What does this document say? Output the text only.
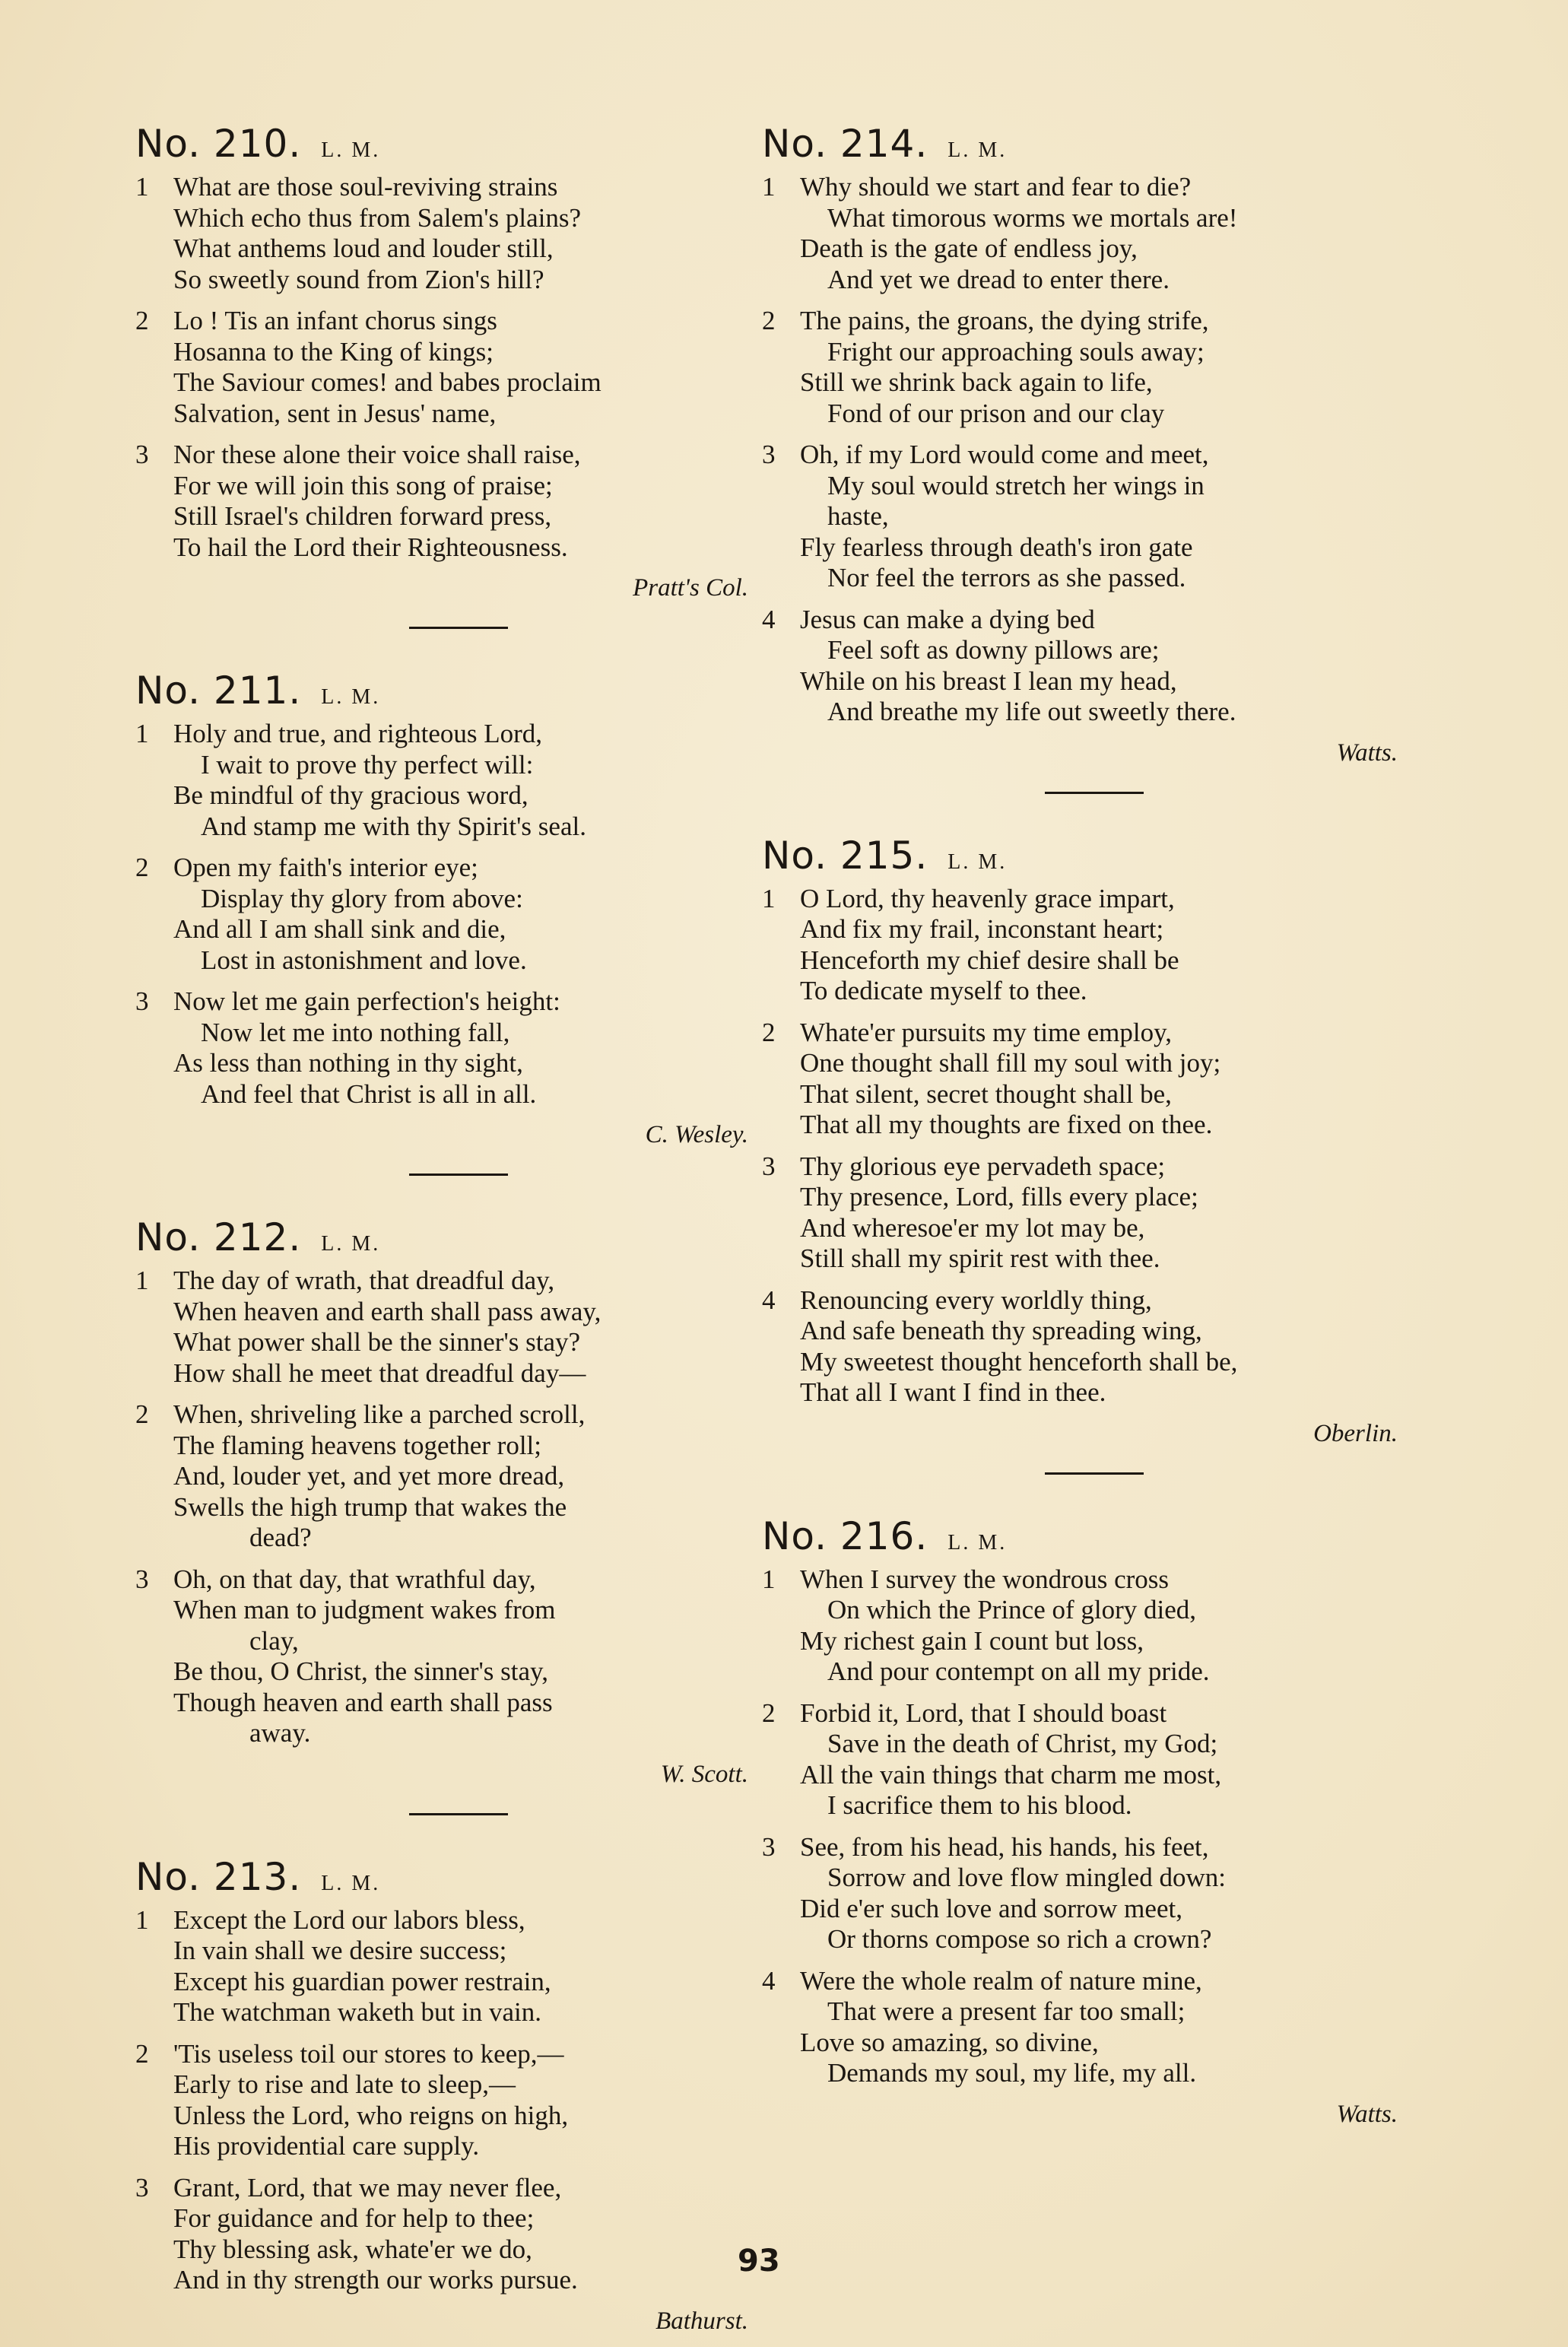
No. 210. L. M.
1 What are those soul-reviving strains
Which echo thus from Salem's plains?
What anthems loud and louder still,
So sweetly sound from Zion's hill?
2 Lo ! Tis an infant chorus sings
Hosanna to the King of kings;
The Saviour comes! and babes proclaim
Salvation, sent in Jesus' name,
3 Nor these alone their voice shall raise,
For we will join this song of praise;
Still Israel's children forward press,
To hail the Lord their Righteousness.
Pratt's Col.
No. 211. L. M.
1 Holy and true, and righteous Lord,
I wait to prove thy perfect will:
Be mindful of thy gracious word,
And stamp me with thy Spirit's seal.
2 Open my faith's interior eye;
Display thy glory from above:
And all I am shall sink and die,
Lost in astonishment and love.
3 Now let me gain perfection's height:
Now let me into nothing fall,
As less than nothing in thy sight,
And feel that Christ is all in all.
C. Wesley.
No. 212. L. M.
1 The day of wrath, that dreadful day,
When heaven and earth shall pass away,
What power shall be the sinner's stay?
How shall he meet that dreadful day—
2 When, shriveling like a parched scroll,
The flaming heavens together roll;
And, louder yet, and yet more dread,
Swells the high trump that wakes the
dead?
3 Oh, on that day, that wrathful day,
When man to judgment wakes from
clay,
Be thou, O Christ, the sinner's stay,
Though heaven and earth shall pass
away.
W. Scott.
No. 213. L. M.
1 Except the Lord our labors bless,
In vain shall we desire success;
Except his guardian power restrain,
The watchman waketh but in vain.
2 'Tis useless toil our stores to keep,—
Early to rise and late to sleep,—
Unless the Lord, who reigns on high,
His providential care supply.
3 Grant, Lord, that we may never flee,
For guidance and for help to thee;
Thy blessing ask, whate'er we do,
And in thy strength our works pursue.
Bathurst.
No. 214. L. M.
1 Why should we start and fear to die?
What timorous worms we mortals are!
Death is the gate of endless joy,
And yet we dread to enter there.
2 The pains, the groans, the dying strife,
Fright our approaching souls away;
Still we shrink back again to life,
Fond of our prison and our clay
3 Oh, if my Lord would come and meet,
My soul would stretch her wings in
haste,
Fly fearless through death's iron gate
Nor feel the terrors as she passed.
4 Jesus can make a dying bed
Feel soft as downy pillows are;
While on his breast I lean my head,
And breathe my life out sweetly there.
Watts.
No. 215. L. M.
1 O Lord, thy heavenly grace impart,
And fix my frail, inconstant heart;
Henceforth my chief desire shall be
To dedicate myself to thee.
2 Whate'er pursuits my time employ,
One thought shall fill my soul with joy;
That silent, secret thought shall be,
That all my thoughts are fixed on thee.
3 Thy glorious eye pervadeth space;
Thy presence, Lord, fills every place;
And wheresoe'er my lot may be,
Still shall my spirit rest with thee.
4 Renouncing every worldly thing,
And safe beneath thy spreading wing,
My sweetest thought henceforth shall be,
That all I want I find in thee.
Oberlin.
No. 216. L. M.
1 When I survey the wondrous cross
On which the Prince of glory died,
My richest gain I count but loss,
And pour contempt on all my pride.
2 Forbid it, Lord, that I should boast
Save in the death of Christ, my God;
All the vain things that charm me most,
I sacrifice them to his blood.
3 See, from his head, his hands, his feet,
Sorrow and love flow mingled down:
Did e'er such love and sorrow meet,
Or thorns compose so rich a crown?
4 Were the whole realm of nature mine,
That were a present far too small;
Love so amazing, so divine,
Demands my soul, my life, my all.
Watts.
93
